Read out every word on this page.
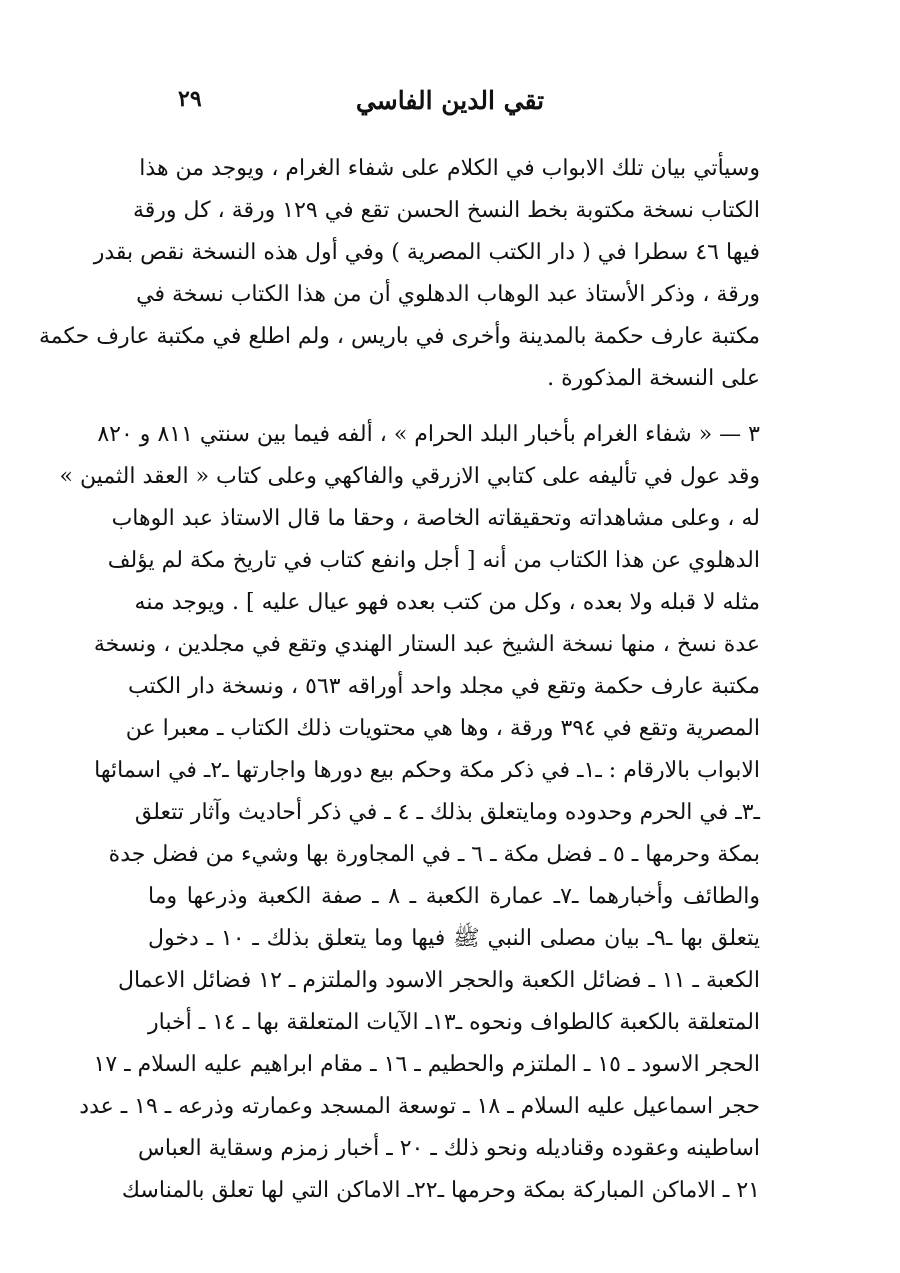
٢٩	تقي الدين الفاسي
وسيأتي بيان تلك الابواب في الكلام على شفاء الغرام ، ويوجد من هذا
الكتاب نسخة مكتوبة بخط النسخ الحسن تقع في ١٢٩ ورقة ، كل ورقة
فيها ٤٦ سطرا في ( دار الكتب المصرية ) وفي أول هذه النسخة نقص بقدر
ورقة ، وذكر الأستاذ عبد الوهاب الدهلوي أن من هذا الكتاب نسخة في
مكتبة عارف حكمة بالمدينة وأخرى في باريس ، ولم اطلع في مكتبة عارف حكمة
على النسخة المذكورة .
٣ — « شفاء الغرام بأخبار البلد الحرام » ، ألفه فيما بين سنتي ٨١١ و ٨٢٠
وقد عول في تأليفه على كتابي الازرقي والفاكهي وعلى كتاب « العقد الثمين »
له ، وعلى مشاهداته وتحقيقاته الخاصة ، وحقا ما قال الاستاذ عبد الوهاب
الدهلوي عن هذا الكتاب من أنه [ أجل وانفع كتاب في تاريخ مكة لم يؤلف
مثله لا قبله ولا بعده ، وكل من كتب بعده فهو عيال عليه ] . ويوجد منه
عدة نسخ ، منها نسخة الشيخ عبد الستار الهندي وتقع في مجلدين ، ونسخة
مكتبة عارف حكمة وتقع في مجلد واحد أوراقه ٥٦٣ ، ونسخة دار الكتب
المصرية وتقع في ٣٩٤ ورقة ، وها هي محتويات ذلك الكتاب ـ معبرا عن
الابواب بالارقام : ـ١ـ في ذكر مكة وحكم بيع دورها واجارتها ـ٢ـ في اسمائها
ـ٣ـ في الحرم وحدوده ومايتعلق بذلك ـ ٤ ـ في ذكر أحاديث وآثار تتعلق
بمكة وحرمها ـ ٥ ـ فضل مكة ـ ٦ ـ في المجاورة بها وشيء من فضل جدة
والطائف وأخبارهما ـ٧ـ عمارة الكعبة ـ ٨ ـ صفة الكعبة وذرعها وما
يتعلق بها ـ٩ـ بيان مصلى النبي ﷺ فيها وما يتعلق بذلك ـ ١٠ ـ دخول
الكعبة ـ ١١ ـ فضائل الكعبة والحجر الاسود والملتزم ـ ١٢ فضائل الاعمال
المتعلقة بالكعبة كالطواف ونحوه ـ١٣ـ الآيات المتعلقة بها ـ ١٤ ـ أخبار
الحجر الاسود ـ ١٥ ـ الملتزم والحطيم ـ ١٦ ـ مقام ابراهيم عليه السلام ـ ١٧
حجر اسماعيل عليه السلام ـ ١٨ ـ توسعة المسجد وعمارته وذرعه ـ ١٩ ـ عدد
اساطينه وعقوده وقناديله ونحو ذلك ـ ٢٠ ـ أخبار زمزم وسقاية العباس
٢١ ـ الاماكن المباركة بمكة وحرمها ـ٢٢ـ الاماكن التي لها تعلق بالمناسك
